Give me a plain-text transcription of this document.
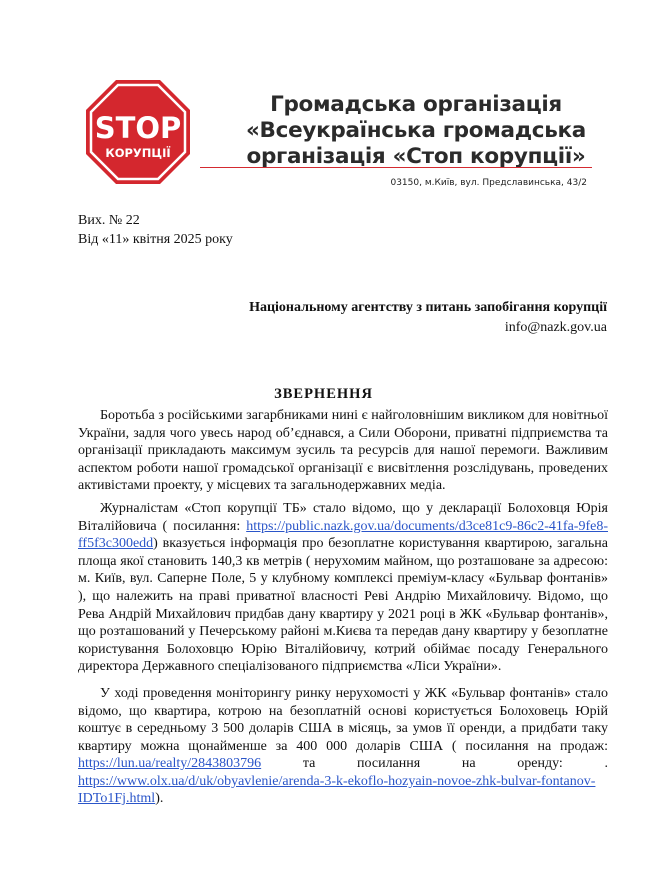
STOP
КОРУПЦІЇ
Громадська організація
«Всеукраїнська громадська
організація «Стоп корупції»
03150, м.Київ, вул. Предславинська, 43/2
Вих. № 22
Від «11» квітня 2025 року
Національному агентству з питань запобігання корупції
info@nazk.gov.ua
ЗВЕРНЕННЯ

Боротьба з російськими загарбниками нині є найголовнішим викликом для новітньої України, задля чого увесь народ об’єднався, а Сили Оборони, приватні підприємства та організації прикладають максимум зусиль та ресурсів для нашої перемоги. Важливим аспектом роботи нашої громадської організації є висвітлення розслідувань, проведених активістами проекту, у місцевих та загальнодержавних медіа.

Журналістам «Стоп корупції ТБ» стало відомо, що у декларації Болоховця Юрія Віталійовича ( посилання: https://public.nazk.gov.ua/documents/d3ce81c9-86c2-41fa-9fe8-ff5f3c300edd) вказується інформація про безоплатне користування квартирою, загальна площа якої становить 140,3 кв метрів ( нерухомим майном, що розташоване за адресою: м. Київ, вул. Саперне Поле, 5 у клубному комплексі преміум-класу «Бульвар фонтанів» ), що належить на праві приватної власності Реві Андрію Михайловичу. Відомо, що Рева Андрій Михайлович придбав дану квартиру у 2021 році в ЖК «Бульвар фонтанів», що розташований у Печерському районі м.Києва та передав дану квартиру у безоплатне користування Болоховцю Юрію Віталійовичу, котрий обіймає посаду Генерального директора Державного спеціалізованого підприємства «Ліси України».

У ході проведення моніторингу ринку нерухомості у ЖК «Бульвар фонтанів» стало відомо, що квартира, котрою на безоплатній основі користується Болоховець Юрій коштує в середньому 3 500 доларів США в місяць, за умов її оренди, а придбати таку квартиру можна щонайменше за 400 000 доларів США ( посилання на продаж: https://lun.ua/realty/2843803796 та посилання на оренду: . https://www.olx.ua/d/uk/obyavlenie/arenda-3-k-ekoflo-hozyain-novoe-zhk-bulvar-fontanov-IDTo1Fj.html).
